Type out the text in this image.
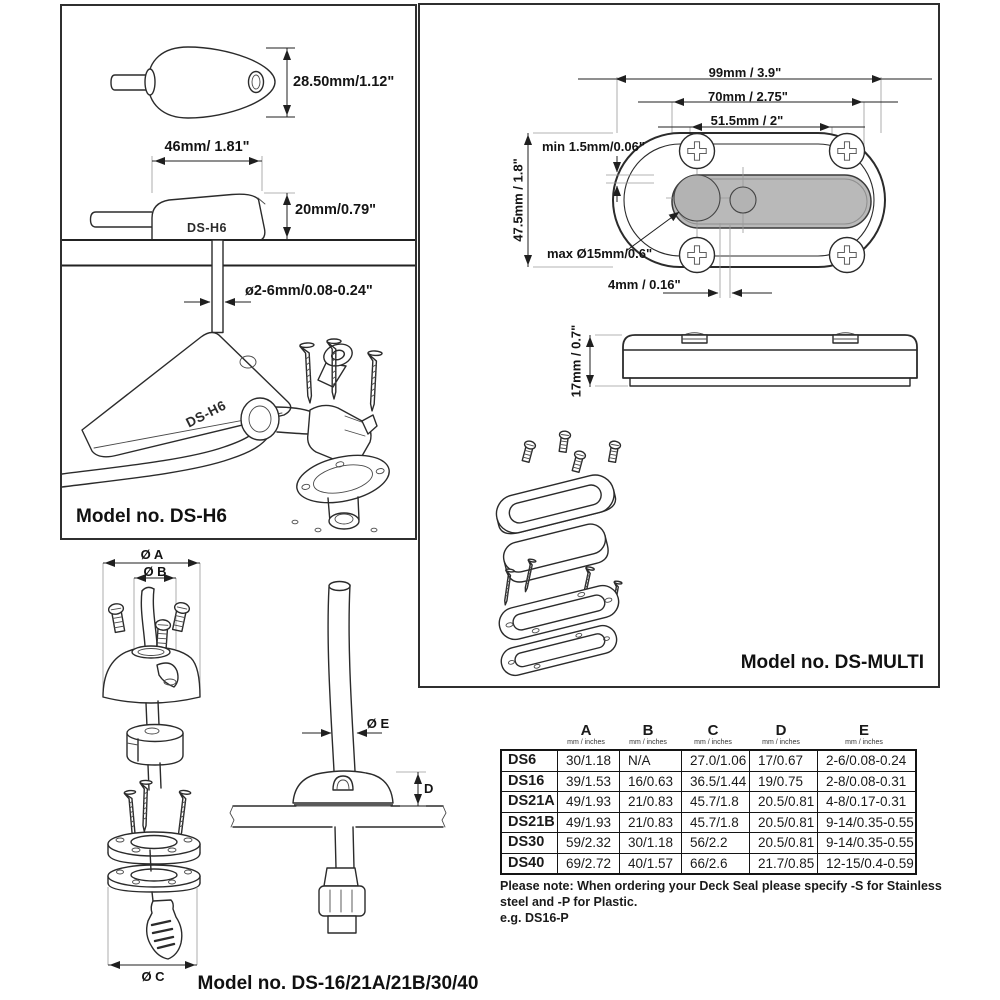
28.50mm/1.12"
46mm/ 1.81"
DS-H6
20mm/0.79"
ø2-6mm/0.08-0.24"
DS-H6
Model no. DS-H6
99mm / 3.9"
70mm / 2.75"
51.5mm / 2"
min 1.5mm/0.06"
47.5mm / 1.8"
max Ø15mm/0.6"
4mm / 0.16"
17mm / 0.7"
Model no. DS-MULTI
Ø A
Ø B
Ø C
Ø E
D
Model no. DS-16/21A/21B/30/40
A
mm / inches
B
mm / inches
C
mm / inches
D
mm / inches
E
mm / inches
DS6	30/1.18	N/A	27.0/1.06 17/0.67	2-6/0.08-0.24
DS16	39/1.53	16/0.63	36.5/1.44 19/0.75	2-8/0.08-0.31
DS21A 49/1.93	21/0.83	45.7/1.8	20.5/0.81 4-8/0.17-0.31
DS21B 49/1.93	21/0.83	45.7/1.8	20.5/0.81 9-14/0.35-0.55
DS30	59/2.32	30/1.18	56/2.2	20.5/0.81 9-14/0.35-0.55
DS40	69/2.72	40/1.57	66/2.6	21.7/0.85 12-15/0.4-0.59
Please note: When ordering your Deck Seal please specify -S for Stainless steel and -P for Plastic.
e.g. DS16-P
